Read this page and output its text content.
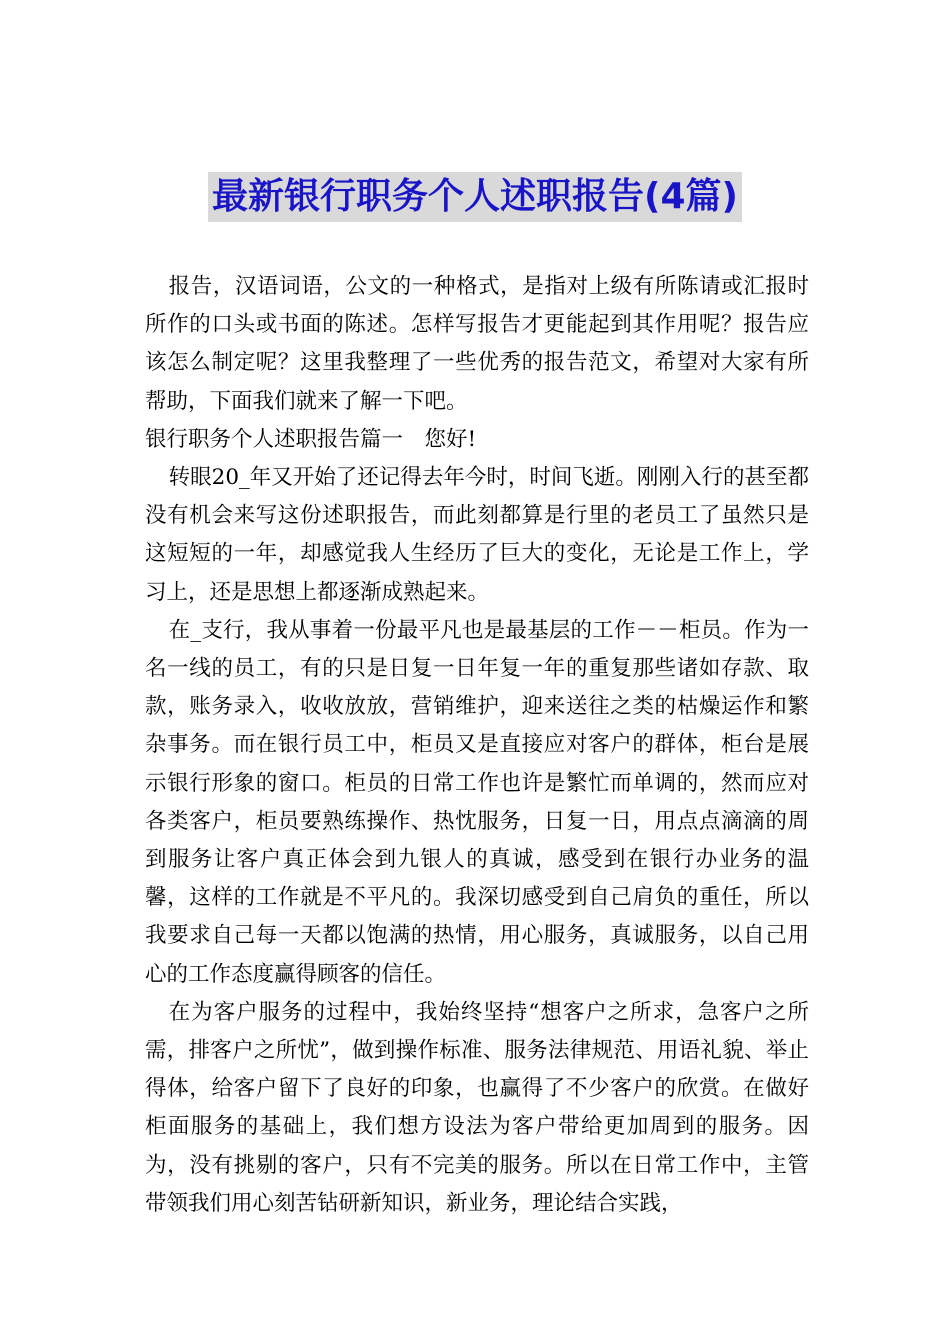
最新银行职务个人述职报告(4篇)

报告，汉语词语，公文的一种格式，是指对上级有所陈请或汇报时所作的口头或书面的陈述。怎样写报告才更能起到其作用呢？报告应该怎么制定呢？这里我整理了一些优秀的报告范文，希望对大家有所帮助，下面我们就来了解一下吧。

银行职务个人述职报告篇一　您好!

转眼20_年又开始了还记得去年今时，时间飞逝。刚刚入行的甚至都没有机会来写这份述职报告，而此刻都算是行里的老员工了虽然只是这短短的一年，却感觉我人生经历了巨大的变化，无论是工作上，学习上，还是思想上都逐渐成熟起来。

在_支行，我从事着一份最平凡也是最基层的工作－－柜员。作为一名一线的员工，有的只是日复一日年复一年的重复那些诸如存款、取款，账务录入，收收放放，营销维护，迎来送往之类的枯燥运作和繁杂事务。而在银行员工中，柜员又是直接应对客户的群体，柜台是展示银行形象的窗口。柜员的日常工作也许是繁忙而单调的，然而应对各类客户，柜员要熟练操作、热忱服务，日复一日，用点点滴滴的周到服务让客户真正体会到九银人的真诚，感受到在银行办业务的温馨，这样的工作就是不平凡的。我深切感受到自己肩负的重任，所以我要求自己每一天都以饱满的热情，用心服务，真诚服务，以自己用心的工作态度赢得顾客的信任。

在为客户服务的过程中，我始终坚持“想客户之所求，急客户之所需，排客户之所忧”，做到操作标准、服务法律规范、用语礼貌、举止得体，给客户留下了良好的印象，也赢得了不少客户的欣赏。在做好柜面服务的基础上，我们想方设法为客户带给更加周到的服务。因为，没有挑剔的客户，只有不完美的服务。所以在日常工作中，主管带领我们用心刻苦钻研新知识，新业务，理论结合实践，
